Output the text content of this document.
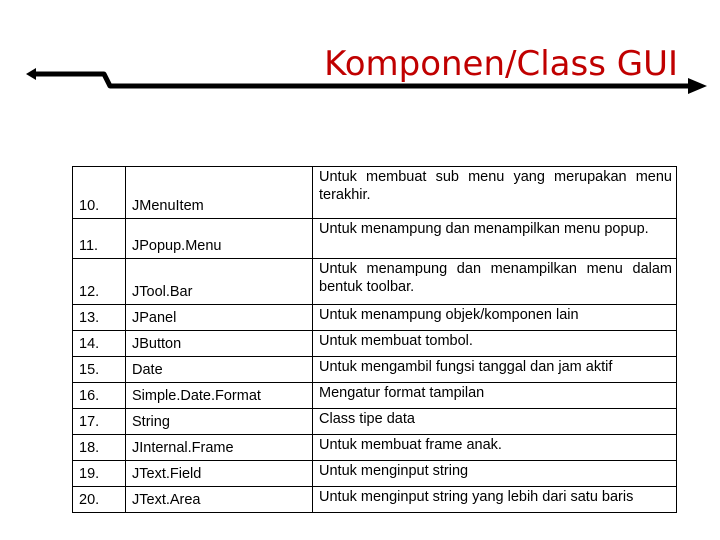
Komponen/Class GUI
10.	JMenuItem	Untuk membuat sub menu yang merupakan menu terakhir.
11.	JPopup.Menu	Untuk menampung dan menampilkan menu popup.
12.	JTool.Bar	Untuk menampung dan menampilkan menu dalam bentuk toolbar.
13.	JPanel	Untuk menampung objek/komponen lain
14.	JButton	Untuk membuat tombol.
15.	Date	Untuk mengambil fungsi tanggal dan jam aktif
16.	Simple.Date.Format	Mengatur format tampilan
17.	String	Class tipe data
18.	JInternal.Frame	Untuk membuat frame anak.
19.	JText.Field	Untuk menginput string
20.	JText.Area	Untuk menginput string yang lebih dari satu baris
